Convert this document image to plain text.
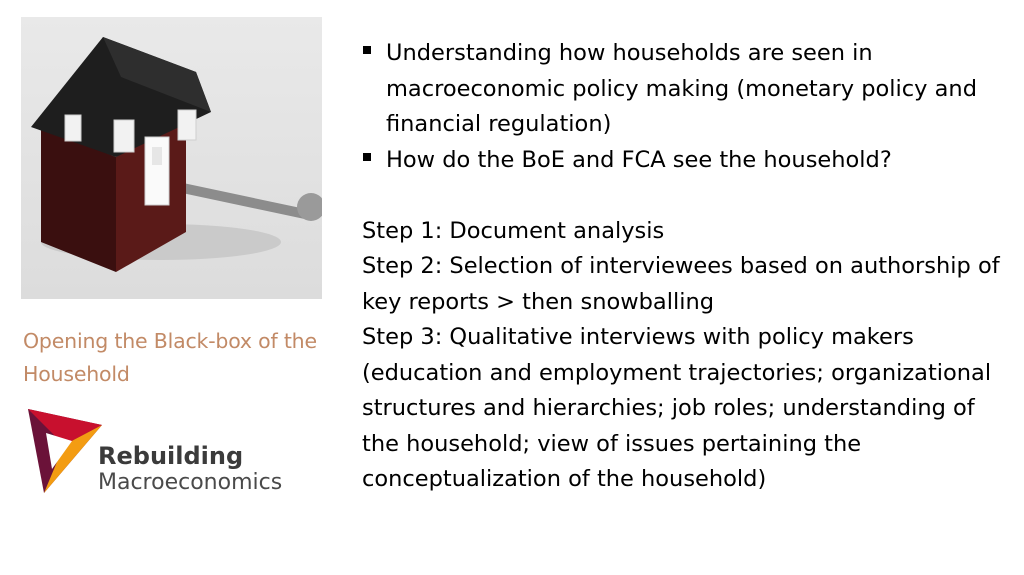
Opening the Black-box of the Household
Rebuilding
Macroeconomics
Understanding how households are seen in macroeconomic policy making (monetary policy and financial regulation)
How do the BoE and FCA see the household?
Step 1: Document analysis
Step 2: Selection of interviewees based on authorship of key reports > then snowballing
Step 3: Qualitative interviews with policy makers (education and employment trajectories; organizational structures and hierarchies; job roles; understanding of the household; view of issues pertaining the conceptualization of the household)
